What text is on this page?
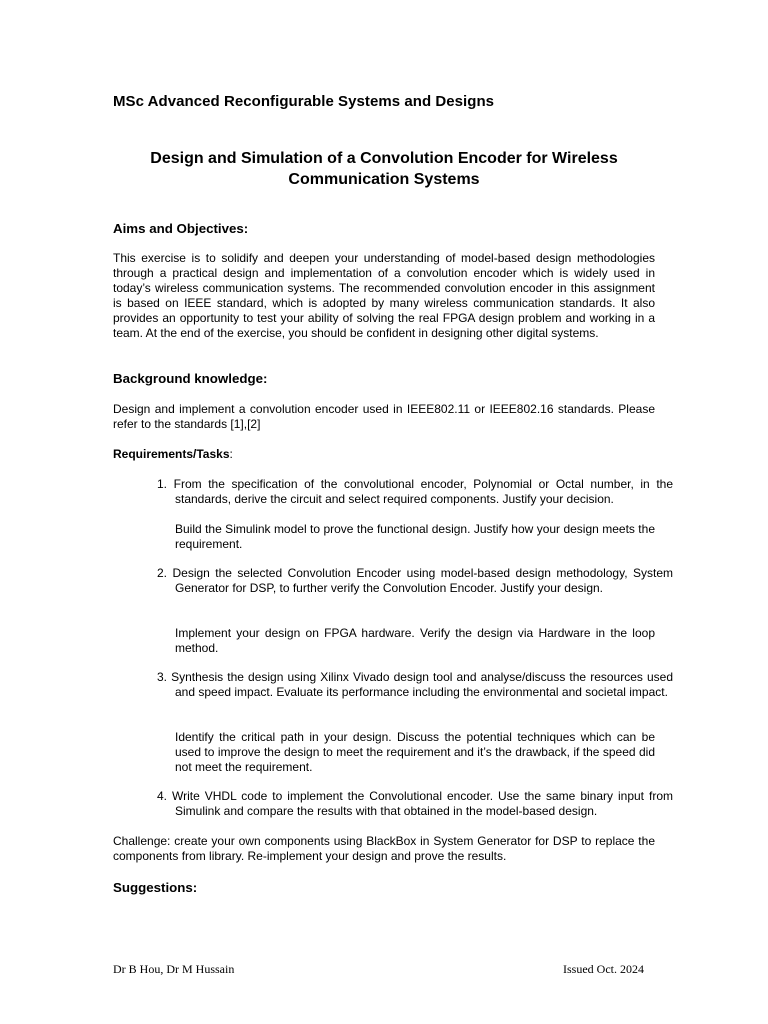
MSc Advanced Reconfigurable Systems and Designs
Design and Simulation of a Convolution Encoder for Wireless Communication Systems
Aims and Objectives:
This exercise is to solidify and deepen your understanding of model-based design methodologies through a practical design and implementation of a convolution encoder which is widely used in today’s wireless communication systems. The recommended convolution encoder in this assignment is based on IEEE standard, which is adopted by many wireless communication standards. It also provides an opportunity to test your ability of solving the real FPGA design problem and working in a team. At the end of the exercise, you should be confident in designing other digital systems.
Background knowledge:
Design and implement a convolution encoder used in IEEE802.11 or IEEE802.16 standards. Please refer to the standards [1],[2]
Requirements/Tasks:
1. From the specification of the convolutional encoder, Polynomial or Octal number, in the standards, derive the circuit and select required components. Justify your decision.
Build the Simulink model to prove the functional design. Justify how your design meets the requirement.
2. Design the selected Convolution Encoder using model-based design methodology, System Generator for DSP, to further verify the Convolution Encoder. Justify your design.
Implement your design on FPGA hardware. Verify the design via Hardware in the loop method.
3. Synthesis the design using Xilinx Vivado design tool and analyse/discuss the resources used and speed impact. Evaluate its performance including the environmental and societal impact.
Identify the critical path in your design. Discuss the potential techniques which can be used to improve the design to meet the requirement and it’s the drawback, if the speed did not meet the requirement.
4. Write VHDL code to implement the Convolutional encoder. Use the same binary input from Simulink and compare the results with that obtained in the model-based design.
Challenge: create your own components using BlackBox in System Generator for DSP to replace the components from library. Re-implement your design and prove the results.
Suggestions:
Dr B Hou, Dr M Hussain	Issued Oct. 2024
